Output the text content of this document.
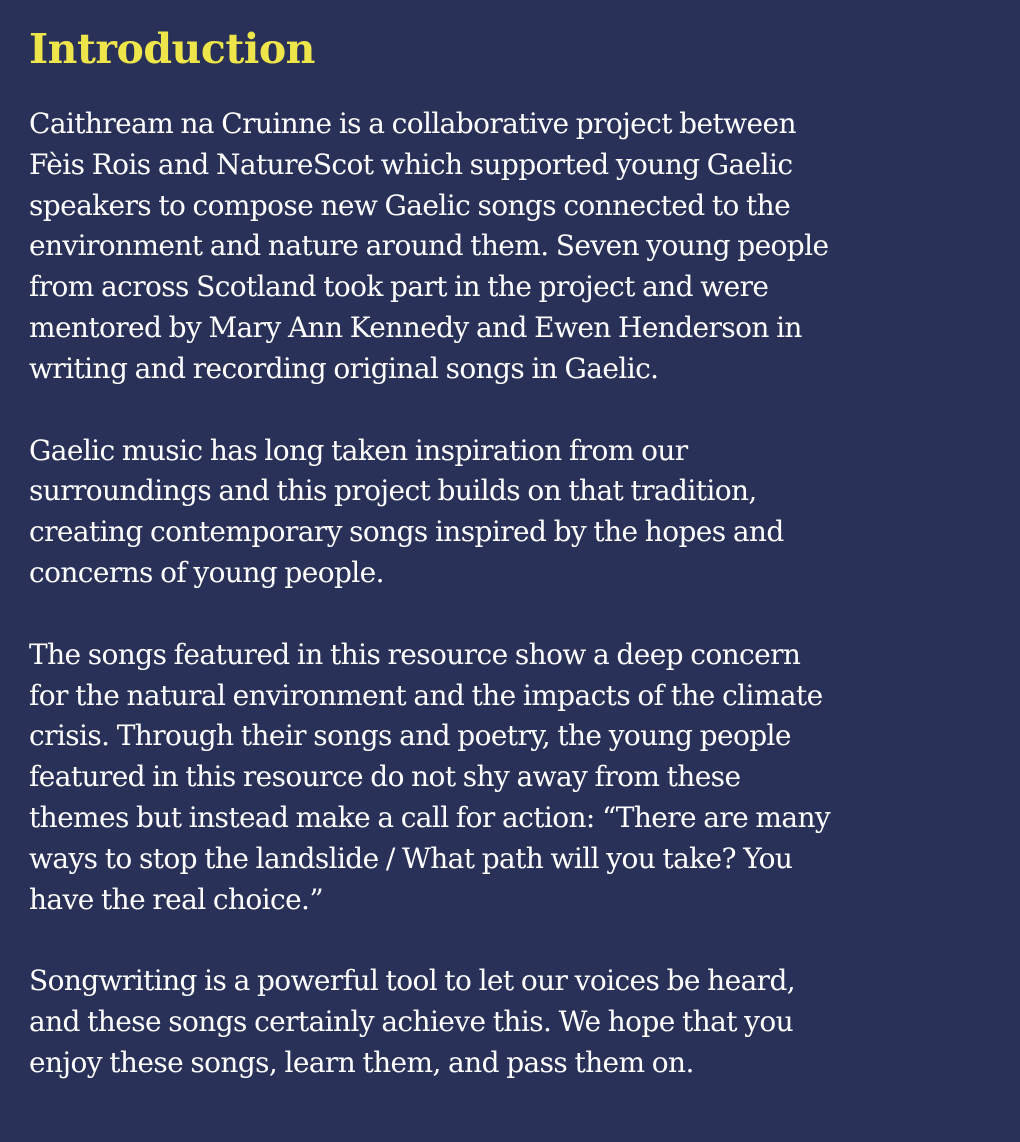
Introduction

Caithream na Cruinne is a collaborative project between
Fèis Rois and NatureScot which supported young Gaelic
speakers to compose new Gaelic songs connected to the
environment and nature around them. Seven young people
from across Scotland took part in the project and were
mentored by Mary Ann Kennedy and Ewen Henderson in
writing and recording original songs in Gaelic.

Gaelic music has long taken inspiration from our
surroundings and this project builds on that tradition,
creating contemporary songs inspired by the hopes and
concerns of young people.

The songs featured in this resource show a deep concern
for the natural environment and the impacts of the climate
crisis. Through their songs and poetry, the young people
featured in this resource do not shy away from these
themes but instead make a call for action: “There are many
ways to stop the landslide / What path will you take? You
have the real choice.”

Songwriting is a powerful tool to let our voices be heard,
and these songs certainly achieve this. We hope that you
enjoy these songs, learn them, and pass them on.
